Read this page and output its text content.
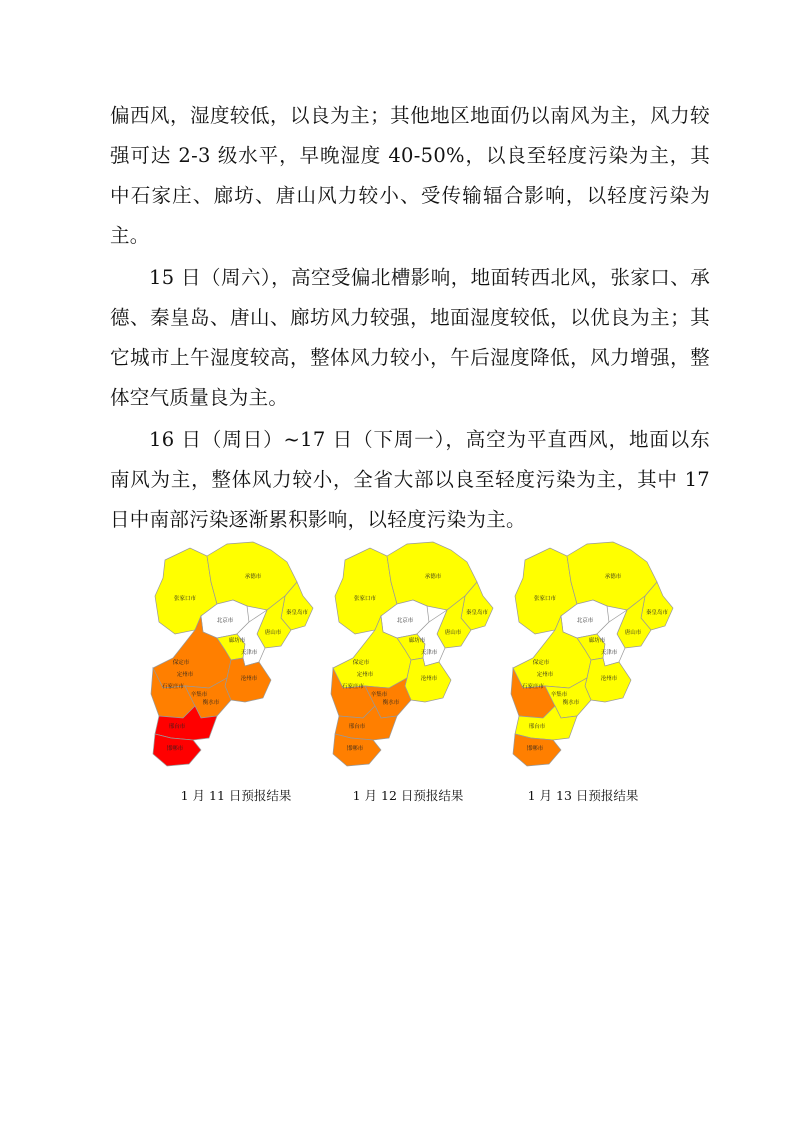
偏西风，湿度较低，以良为主；其他地区地面仍以南风为主，风力较强可达 2-3 级水平，早晚湿度 40-50%，以良至轻度污染为主，其中石家庄、廊坊、唐山风力较小、受传输辐合影响，以轻度污染为主。

15 日（周六），高空受偏北槽影响，地面转西北风，张家口、承德、秦皇岛、唐山、廊坊风力较强，地面湿度较低，以优良为主；其它城市上午湿度较高，整体风力较小，午后湿度降低，风力增强，整体空气质量良为主。

16 日（周日）~17 日（下周一），高空为平直西风，地面以东南风为主，整体风力较小，全省大部以良至轻度污染为主，其中 17 日中南部污染逐渐累积影响，以轻度污染为主。

张家口市
承德市
北京市
廊坊市
唐山市
秦皇岛市
天津市
保定市
定州市
沧州市
石家庄市
辛集市
衡水市
邢台市
邯郸市
张家口市
承德市
北京市
廊坊市
唐山市
秦皇岛市
天津市
保定市
定州市
沧州市
石家庄市
辛集市
衡水市
邢台市
邯郸市
张家口市
承德市
北京市
廊坊市
唐山市
秦皇岛市
天津市
保定市
定州市
沧州市
石家庄市
辛集市
衡水市
邢台市
邯郸市
1 月 11 日预报结果	1 月 12 日预报结果	1 月 13 日预报结果
